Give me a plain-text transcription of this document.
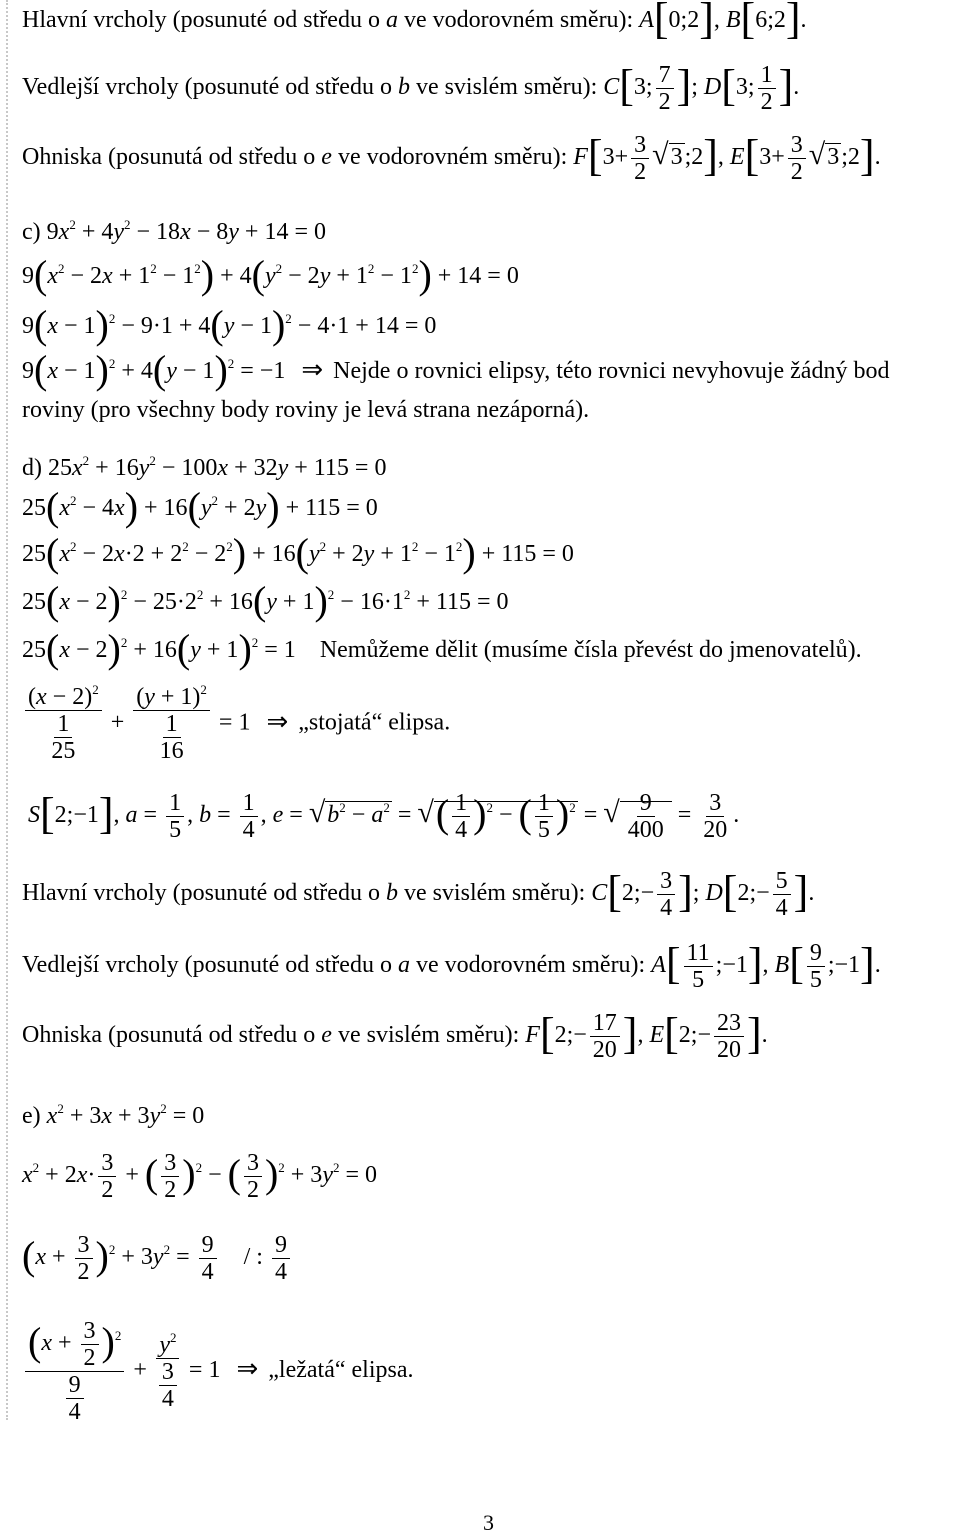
Hlavní vrcholy (posunuté od středu o a ve vodorovném směru): A[0;2], B[6;2].
Vedlejší vrcholy (posunuté od středu o b ve svislém směru): C[3; $\frac{7}{2}$ ]; D[3; $\frac{1}{2}$ ].
Ohniska (posunutá od středu o e ve vodorovném směru): $F[3+ \frac{3}{2}$ √3;2], $E[3+ \frac{3}{2}$ √3;2].
c) $9x^2 + 4y^2 - 18x - 8y + 14 = 0$
$9(x^2 - 2x + 1^2 - 1^2) + 4(y^2 - 2y + 1^2 - 1^2) + 14 = 0$
$9(x - 1)^2 - 9\cdot 1 + 4(y - 1)^2 - 4\cdot 1 + 14 = 0$
$9(x - 1)^2 + 4(y - 1)^2 = -1$ ⇒ Nejde o rovnici elipsy, této rovnici nevyhovuje žádný bod
roviny (pro všechny body roviny je levá strana nezáporná).
d) $25x^2 + 16y^2 - 100x + 32y + 115 = 0$
$25(x^2 - 4x) + 16(y^2 + 2y) + 115 = 0$
$25(x^2 - 2x\cdot 2 + 2^2 - 2^2) + 16(y^2 + 2y + 1^2 - 1^2) + 115 = 0$
$25(x - 2)^2 - 25\cdot 2^2 + 16(y + 1)^2 - 16\cdot 1^2 + 115 = 0$
$25(x - 2)^2 + 16(y + 1)^2 = 1$    Nemůžeme dělit (musíme čísla převést do jmenovatelů).
$\frac{(x - 2)^2}{\frac{1}{25}} + \frac{(y + 1)^2}{\frac{1}{16}} = 1$ ⇒ „stojatá“ elipsa.
S[2;−1], $a = \frac{1}{5}$ , $b = \frac{1}{4}$ , $e = √b^2 - a^2$ = √( $\frac{1}{4} )^2$ − ( $\frac{1}{5} )^2$ = √ $\frac{9}{400} = \frac{3}{20}$ .
Hlavní vrcholy (posunuté od středu o b ve svislém směru): C[2;− $\frac{3}{4}$ ]; D[2;− $\frac{5}{4}$ ].
Vedlejší vrcholy (posunuté od středu o a ve vodorovném směru): $A[ \frac{11}{5}$ ;−1], $B[ \frac{9}{5}$ ;−1].
Ohniska (posunutá od středu o e ve svislém směru): F[2;− $\frac{17}{20}$ ], E[2;− $\frac{23}{20}$ ].
e) $x^2 + 3x + 3y^2 = 0$
$x^2 + 2x\cdot \frac{3}{2}$ + ( $\frac{3}{2} )^2$ − ( $\frac{3}{2} )^2 + 3y^2 = 0$
$(x + \frac{3}{2} )^2 + 3y^2 = \frac{9}{4}$ / : $\frac{9}{4}$
$\frac{(x + \frac{3}{2} )^2}{\frac{9}{4}} + \frac{y^2}{\frac{3}{4}} = 1$ ⇒ „ležatá“ elipsa.
3
